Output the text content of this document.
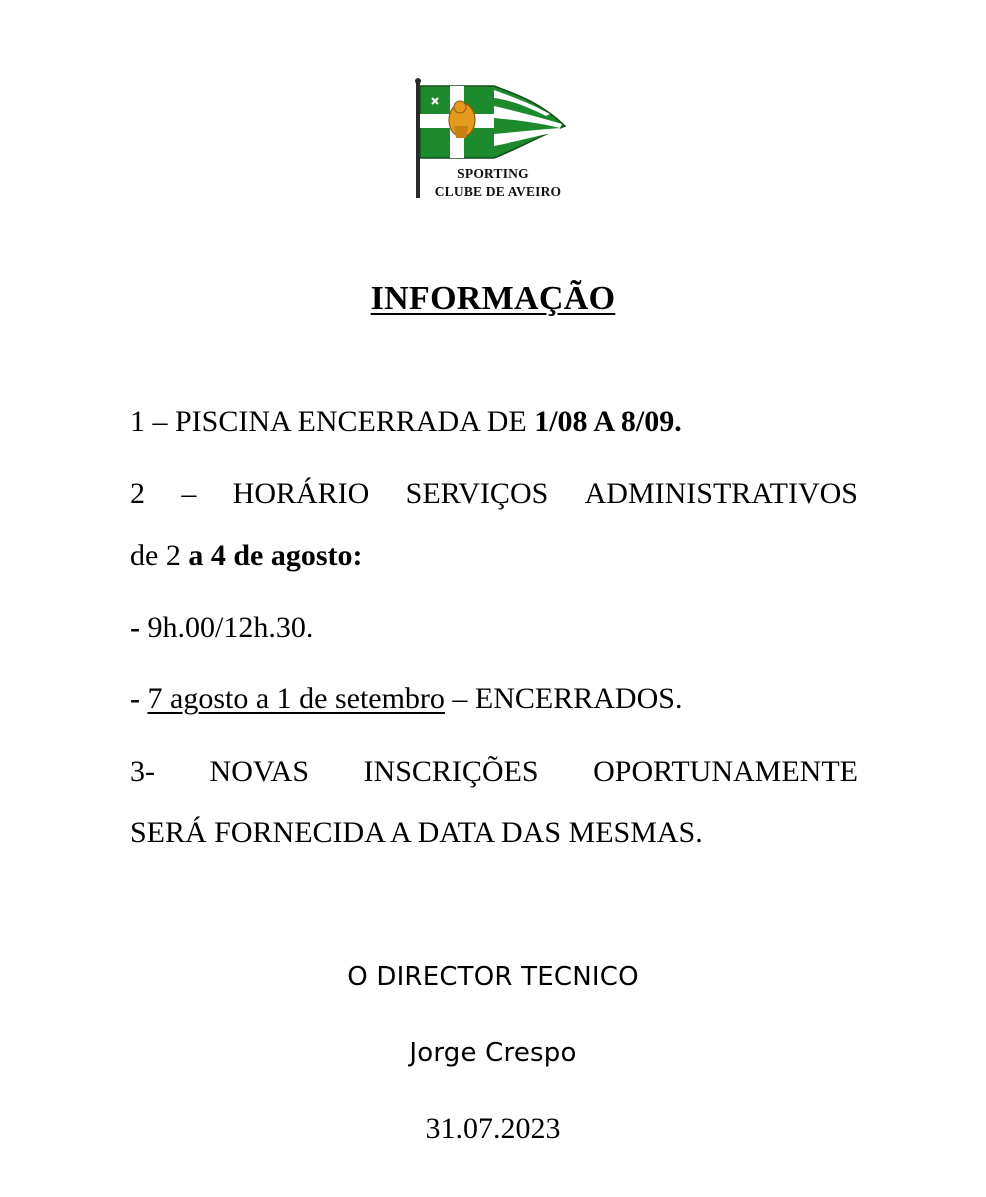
SPORTING
CLUBE DE AVEIRO
INFORMAÇÃO
1 – PISCINA ENCERRADA DE 1/08 A 8/09.
2 – HORÁRIO SERVIÇOS ADMINISTRATIVOS
de 2 a 4 de agosto:
- 9h.00/12h.30.
- 7 agosto a 1 de setembro – ENCERRADOS.
3- NOVAS INSCRIÇÕES OPORTUNAMENTE
SERÁ FORNECIDA A DATA DAS MESMAS.
O DIRECTOR TECNICO
Jorge Crespo
31.07.2023
